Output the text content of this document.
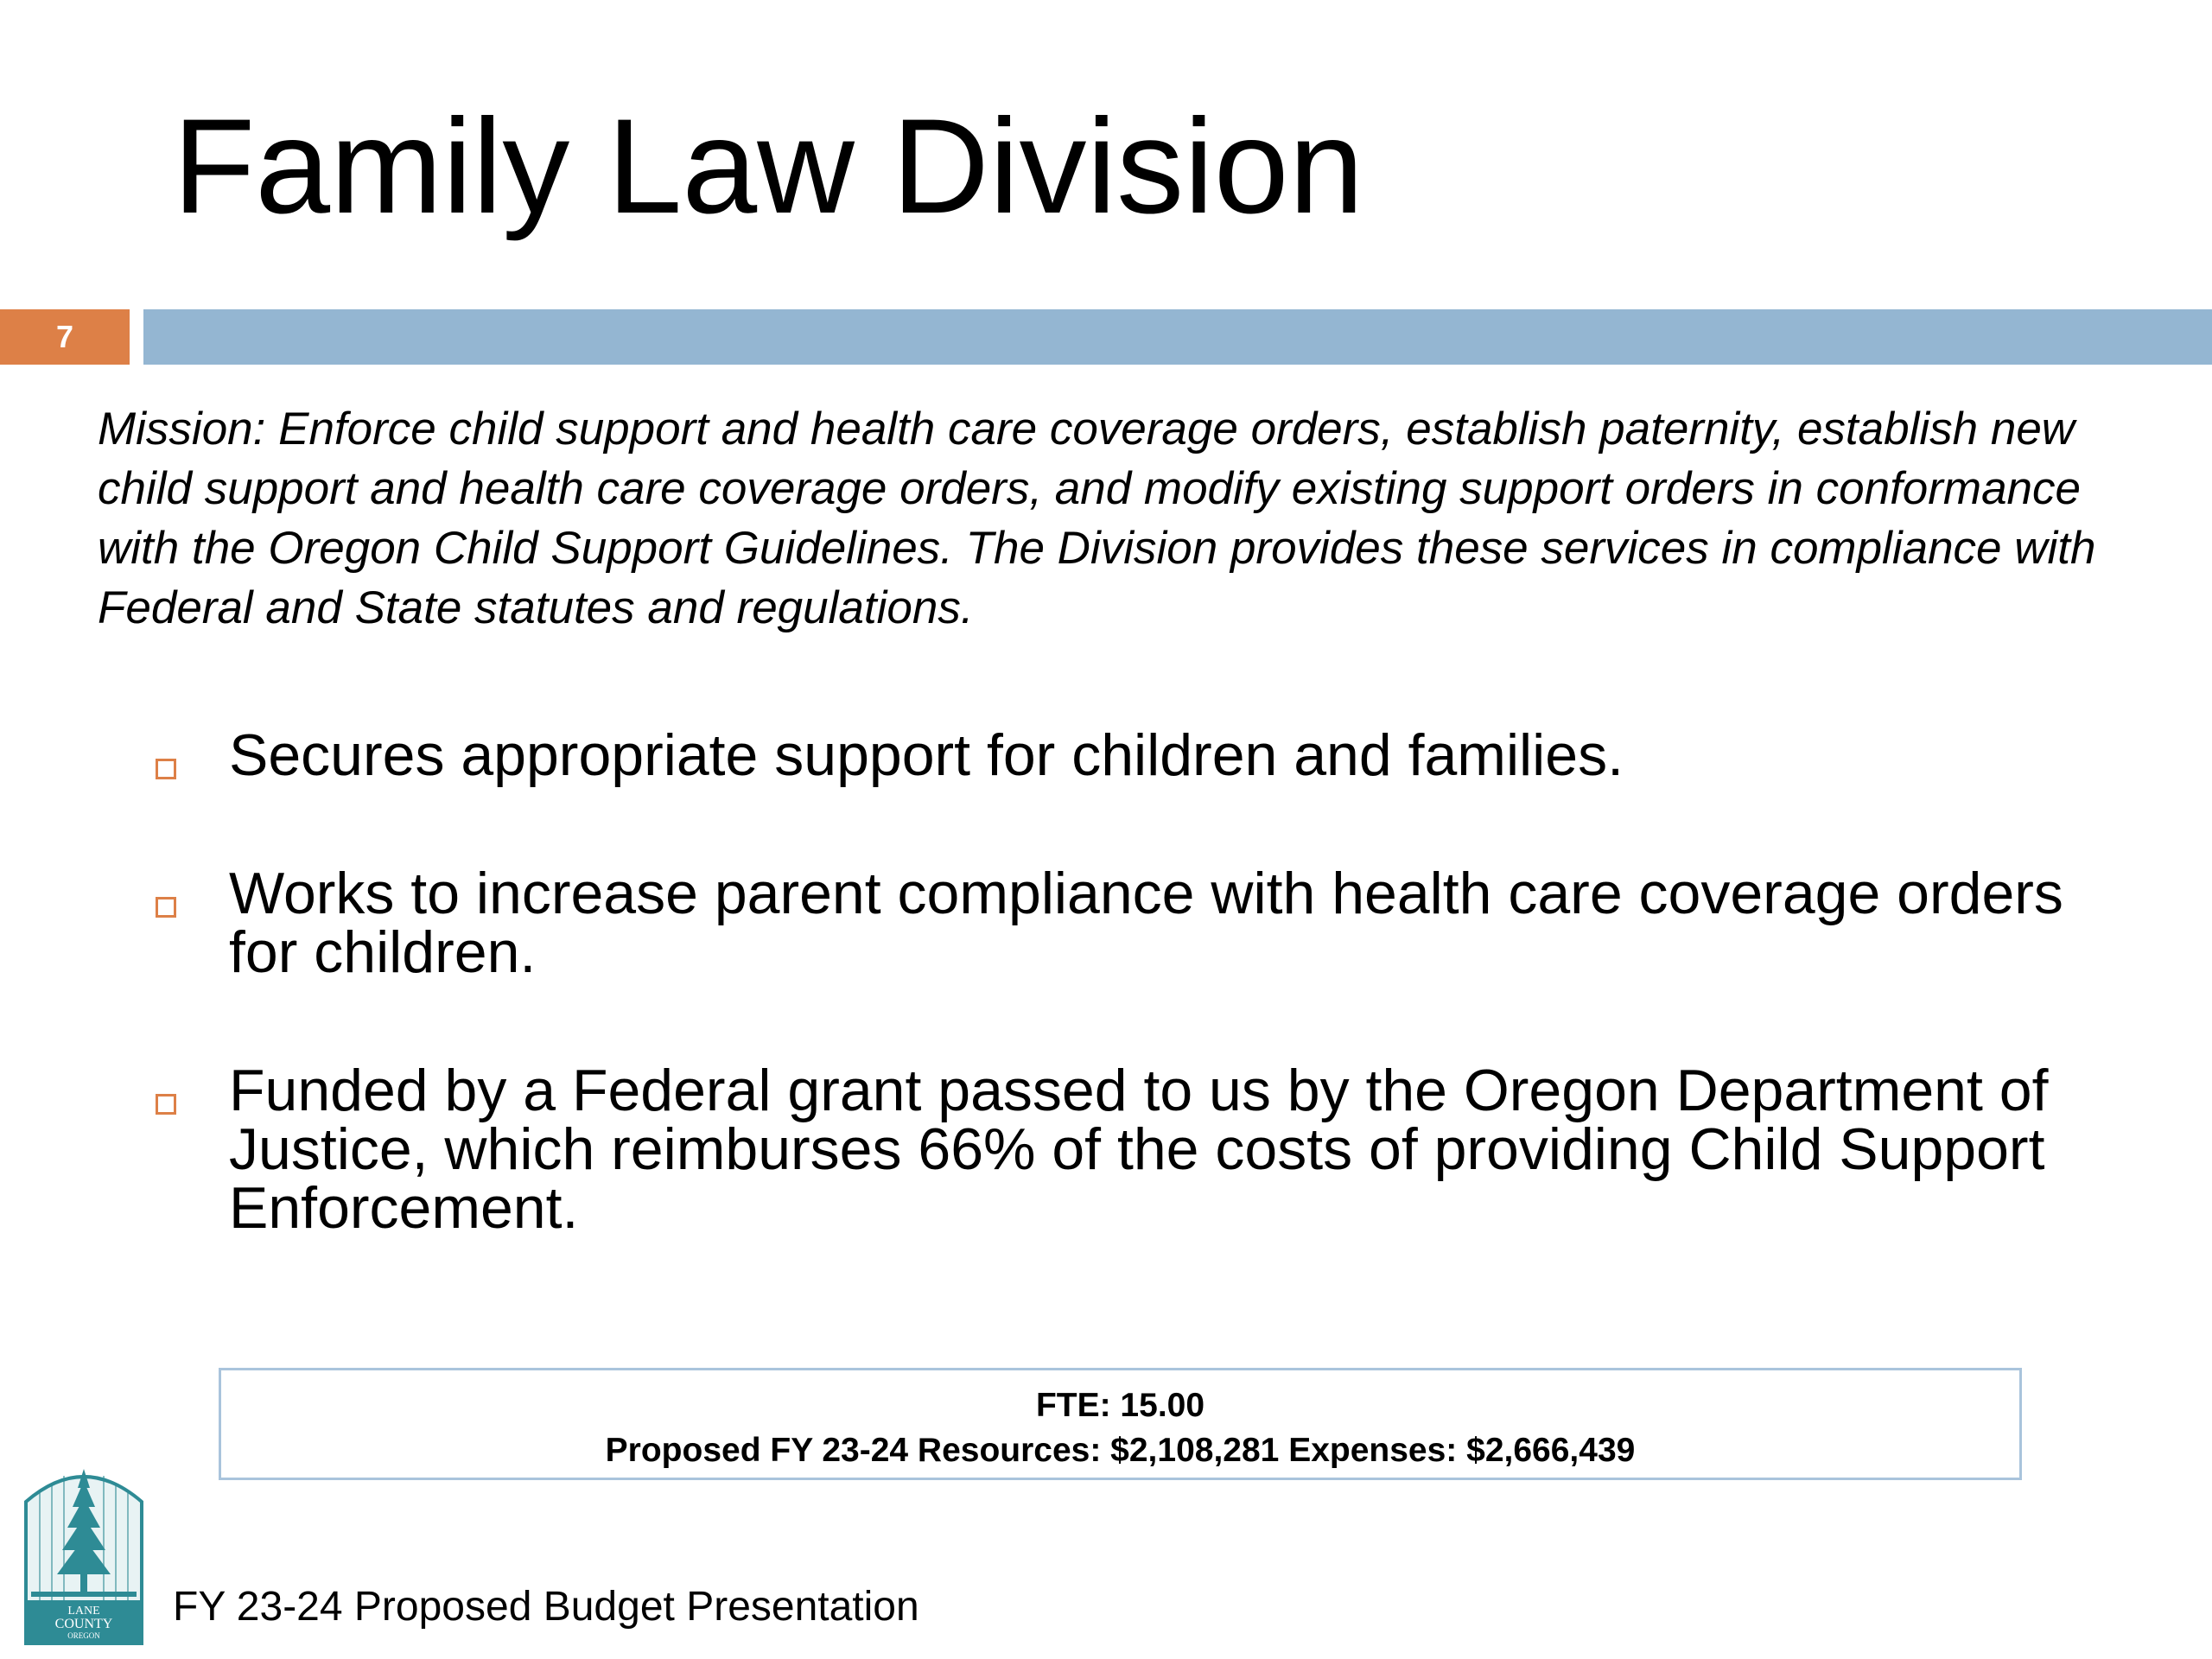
Family Law Division
7

Mission: Enforce child support and health care coverage orders, establish paternity, establish new child support and health care coverage orders, and modify existing support orders in conformance with the Oregon Child Support Guidelines. The Division provides these services in compliance with Federal and State statutes and regulations.

Secures appropriate support for children and families.
Works to increase parent compliance with health care coverage orders for children.
Funded by a Federal grant passed to us by the Oregon Department of Justice, which reimburses 66% of the costs of providing Child Support Enforcement.
FTE: 15.00
Proposed FY 23-24 Resources: $2,108,281 Expenses: $2,666,439
LANE
COUNTY
OREGON
FY 23-24 Proposed Budget Presentation
